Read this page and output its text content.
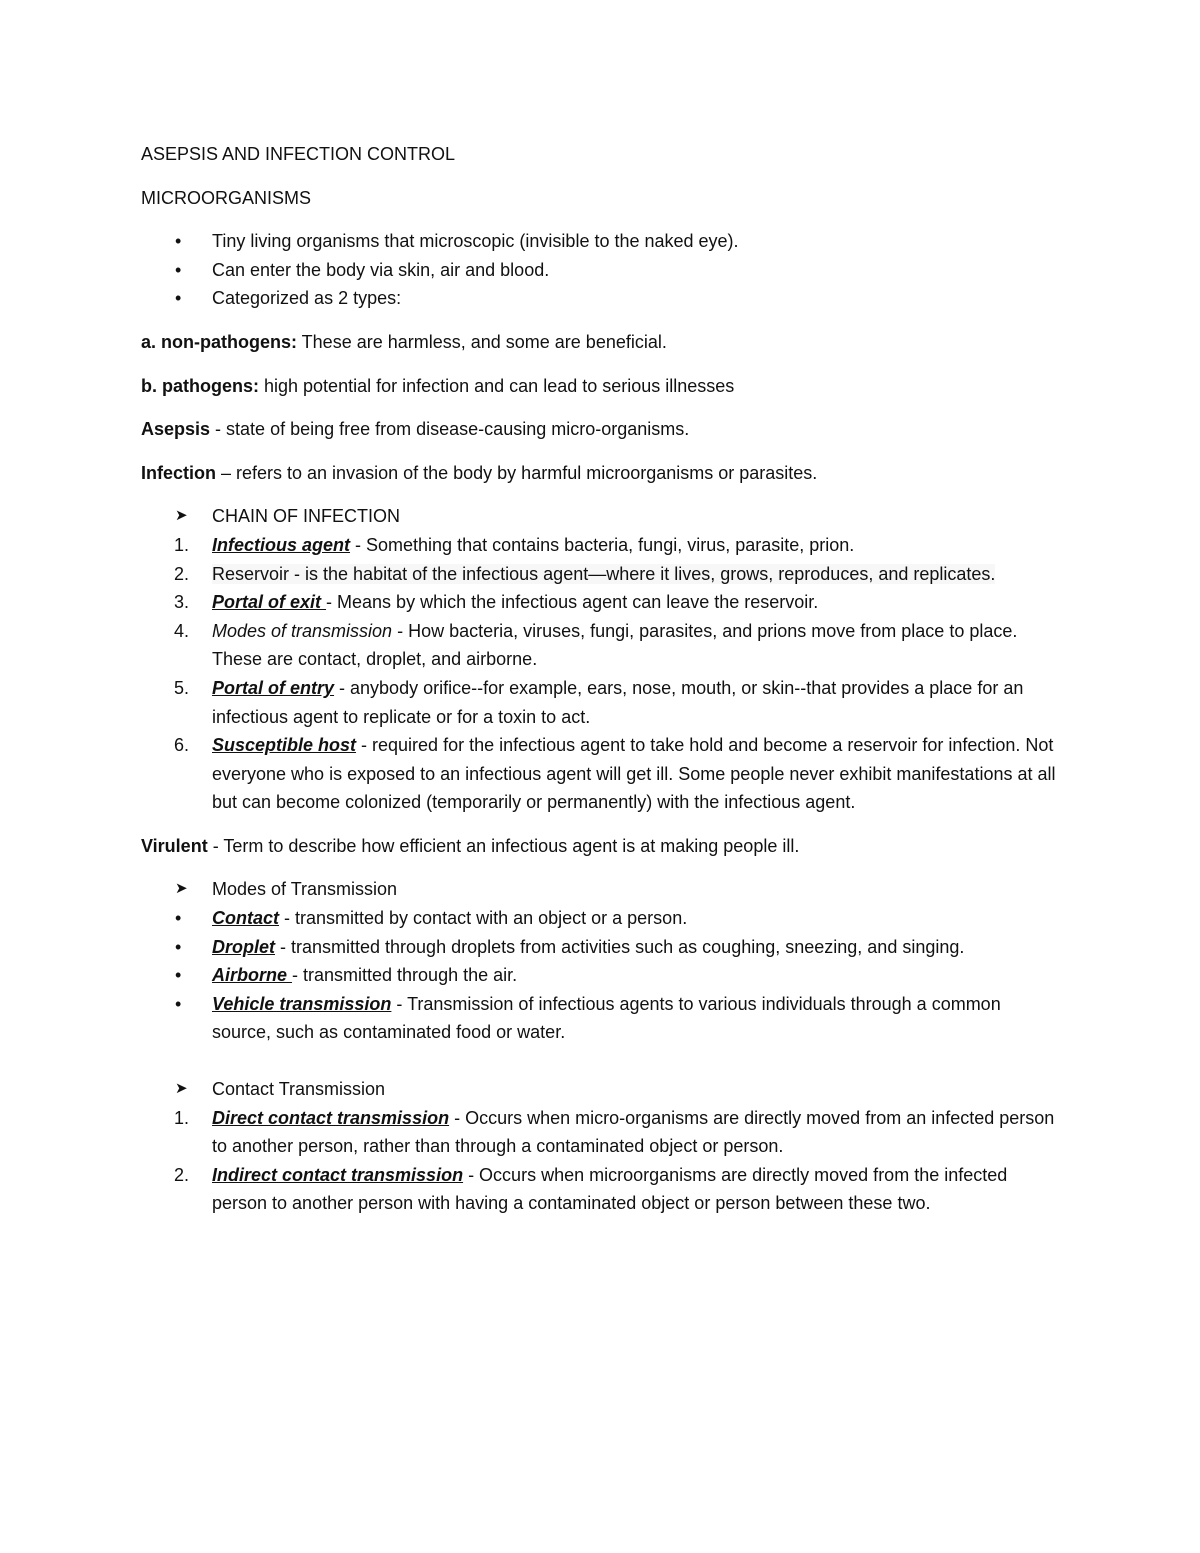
ASEPSIS AND INFECTION CONTROL
MICROORGANISMS
• Tiny living organisms that microscopic (invisible to the naked eye).
• Can enter the body via skin, air and blood.
• Categorized as 2 types:

a. non-pathogens: These are harmless, and some are beneficial.

b. pathogens: high potential for infection and can lead to serious illnesses

Asepsis - state of being free from disease-causing micro-organisms.

Infection – refers to an invasion of the body by harmful microorganisms or parasites.

➤ CHAIN OF INFECTION
1. Infectious agent - Something that contains bacteria, fungi, virus, parasite, prion.
2. Reservoir - is the habitat of the infectious agent—where it lives, grows, reproduces, and replicates.
3. Portal of exit - Means by which the infectious agent can leave the reservoir.
4. Modes of transmission - How bacteria, viruses, fungi, parasites, and prions move from place to place. These are contact, droplet, and airborne.
5. Portal of entry - anybody orifice--for example, ears, nose, mouth, or skin--that provides a place for an infectious agent to replicate or for a toxin to act.
6. Susceptible host - required for the infectious agent to take hold and become a reservoir for infection. Not everyone who is exposed to an infectious agent will get ill. Some people never exhibit manifestations at all but can become colonized (temporarily or permanently) with the infectious agent.

Virulent - Term to describe how efficient an infectious agent is at making people ill.

➤ Modes of Transmission
• Contact - transmitted by contact with an object or a person.
• Droplet - transmitted through droplets from activities such as coughing, sneezing, and singing.
• Airborne - transmitted through the air.
• Vehicle transmission - Transmission of infectious agents to various individuals through a common source, such as contaminated food or water.
➤ Contact Transmission
1. Direct contact transmission - Occurs when micro-organisms are directly moved from an infected person to another person, rather than through a contaminated object or person.
2. Indirect contact transmission - Occurs when microorganisms are directly moved from the infected person to another person with having a contaminated object or person between these two.
